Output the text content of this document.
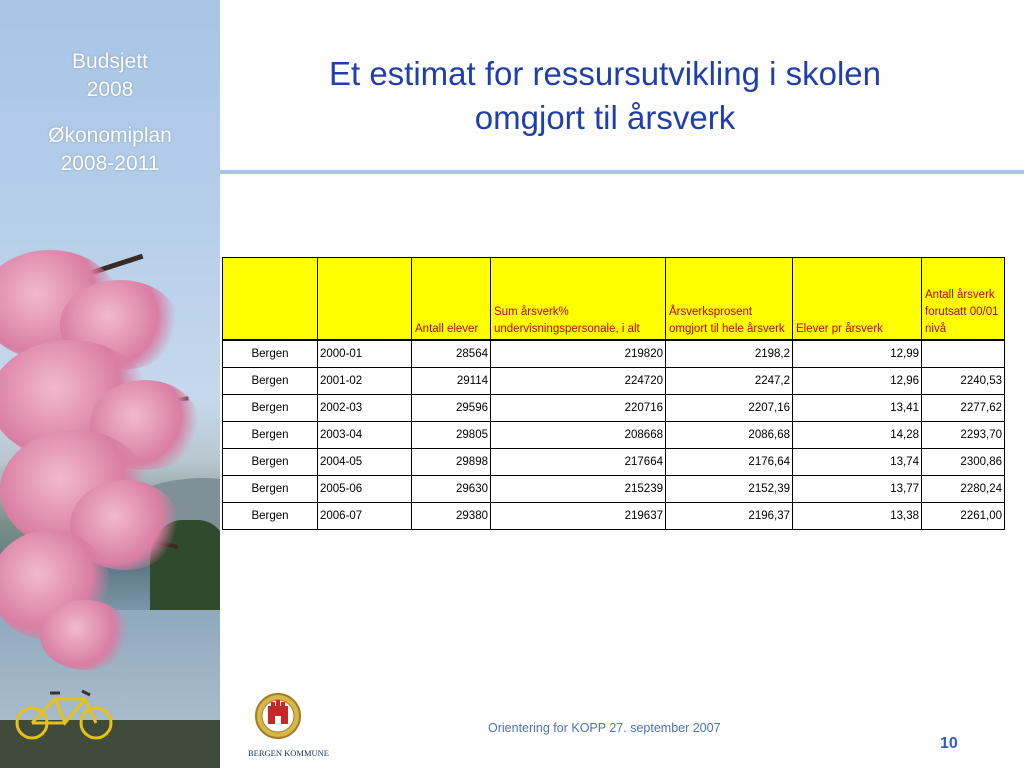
Budsjett
2008
Økonomiplan
2008-2011
Et estimat for ressursutvikling i skolen
omgjort til årsverk
		Antall elever	Sum årsverk% undervisningspersonale, i alt	Årsverksprosent omgjort til hele årsverk	Elever pr årsverk	Antall årsverk forutsatt 00/01 nivå
Bergen	2000-01	28564	219820	2198,2	12,99	
Bergen	2001-02	29114	224720	2247,2	12,96	2240,53
Bergen	2002-03	29596	220716	2207,16	13,41	2277,62
Bergen	2003-04	29805	208668	2086,68	14,28	2293,70
Bergen	2004-05	29898	217664	2176,64	13,74	2300,86
Bergen	2005-06	29630	215239	2152,39	13,77	2280,24
Bergen	2006-07	29380	219637	2196,37	13,38	2261,00
BERGEN KOMMUNE
Orientering for KOPP 27. september 2007
10
